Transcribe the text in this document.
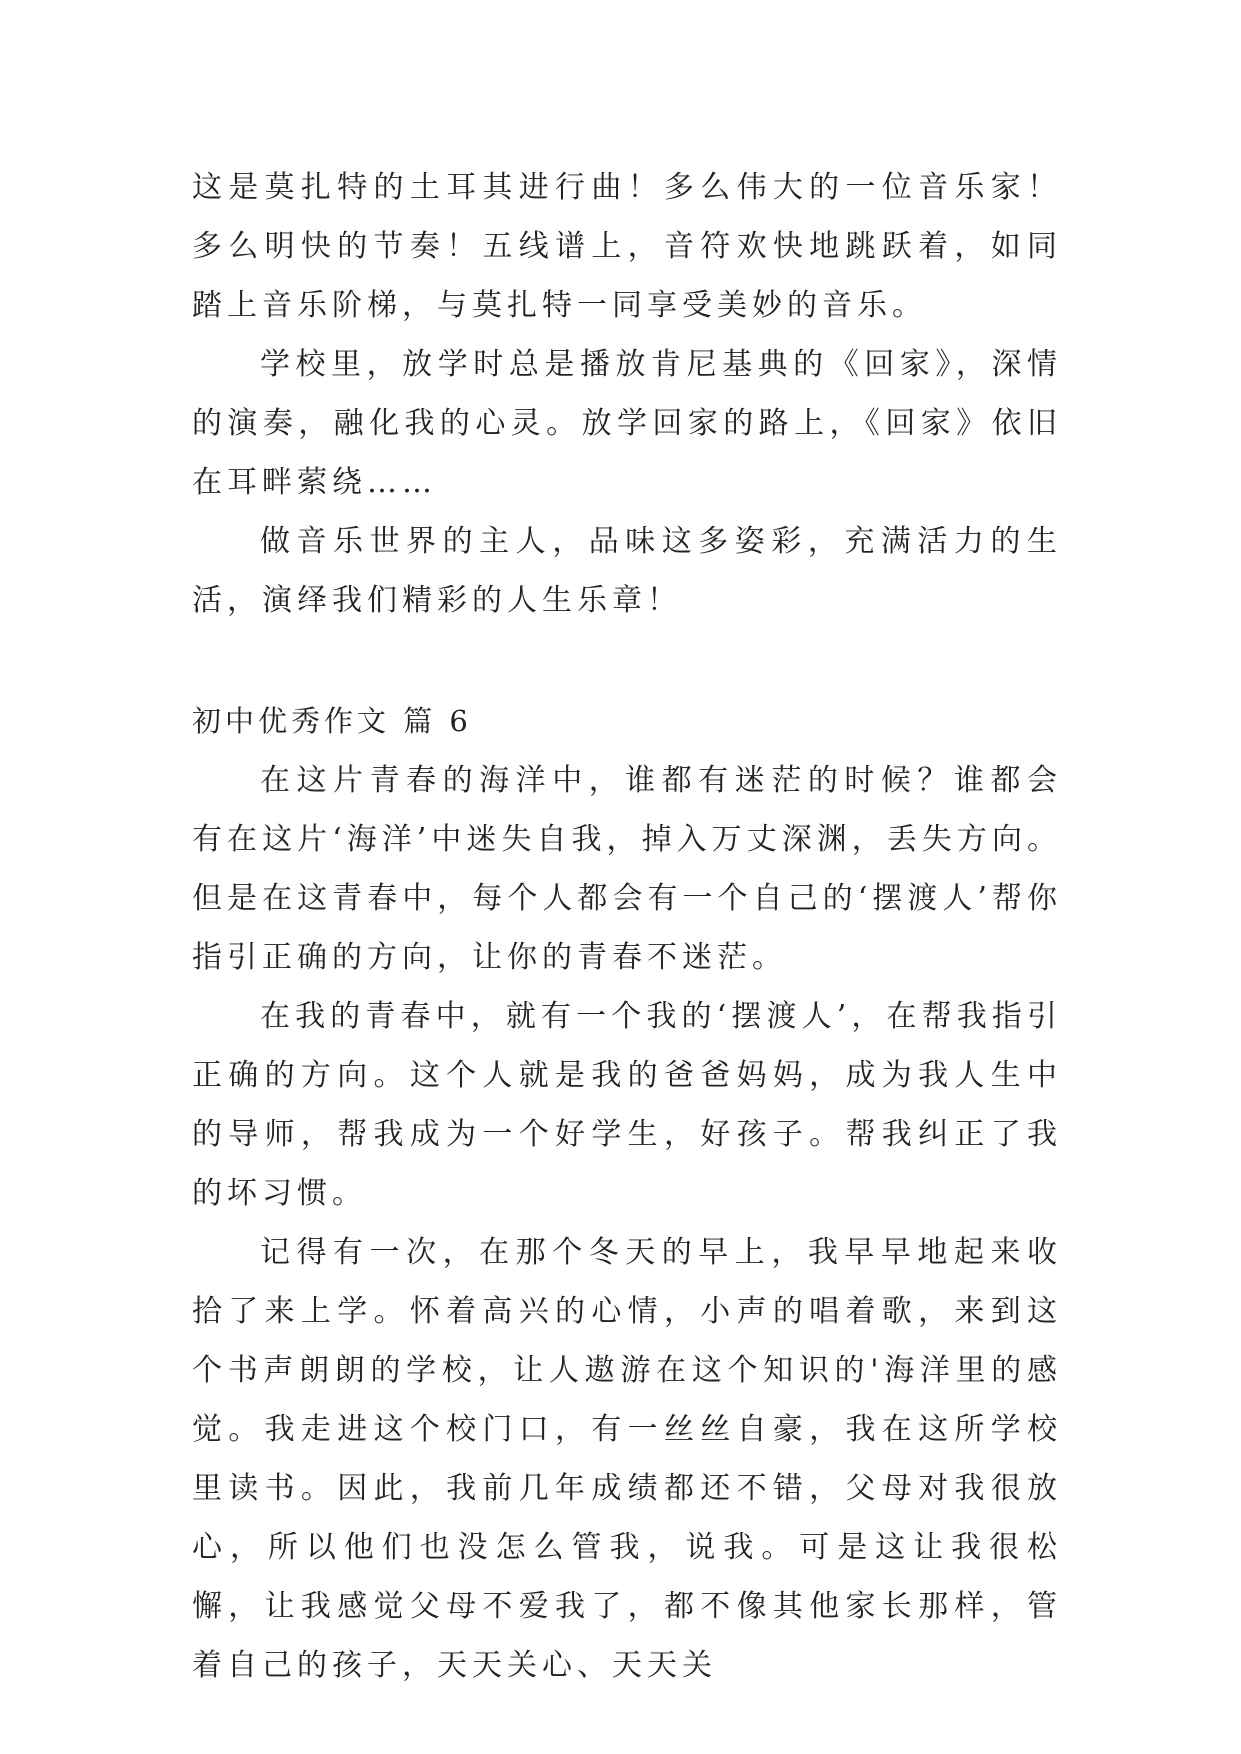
这是莫扎特的土耳其进行曲！多么伟大的一位音乐家！多么明快的节奏！五线谱上，音符欢快地跳跃着，如同踏上音乐阶梯，与莫扎特一同享受美妙的音乐。

学校里，放学时总是播放肯尼基典的《回家》，深情的演奏，融化我的心灵。放学回家的路上，《回家》依旧在耳畔萦绕……

做音乐世界的主人，品味这多姿彩，充满活力的生活，演绎我们精彩的人生乐章！

初中优秀作文 篇 6

在这片青春的海洋中，谁都有迷茫的时候？谁都会有在这片‘海洋’中迷失自我，掉入万丈深渊，丢失方向。但是在这青春中，每个人都会有一个自己的‘摆渡人’帮你指引正确的方向，让你的青春不迷茫。

在我的青春中，就有一个我的‘摆渡人’，在帮我指引正确的方向。这个人就是我的爸爸妈妈，成为我人生中的导师，帮我成为一个好学生，好孩子。帮我纠正了我的坏习惯。

记得有一次，在那个冬天的早上，我早早地起来收拾了来上学。怀着高兴的心情，小声的唱着歌，来到这个书声朗朗的学校，让人遨游在这个知识的'海洋里的感觉。我走进这个校门口，有一丝丝自豪，我在这所学校里读书。因此，我前几年成绩都还不错，父母对我很放心，所以他们也没怎么管我，说我。可是这让我很松懈，让我感觉父母不爱我了，都不像其他家长那样，管着自己的孩子，天天关心、天天关
